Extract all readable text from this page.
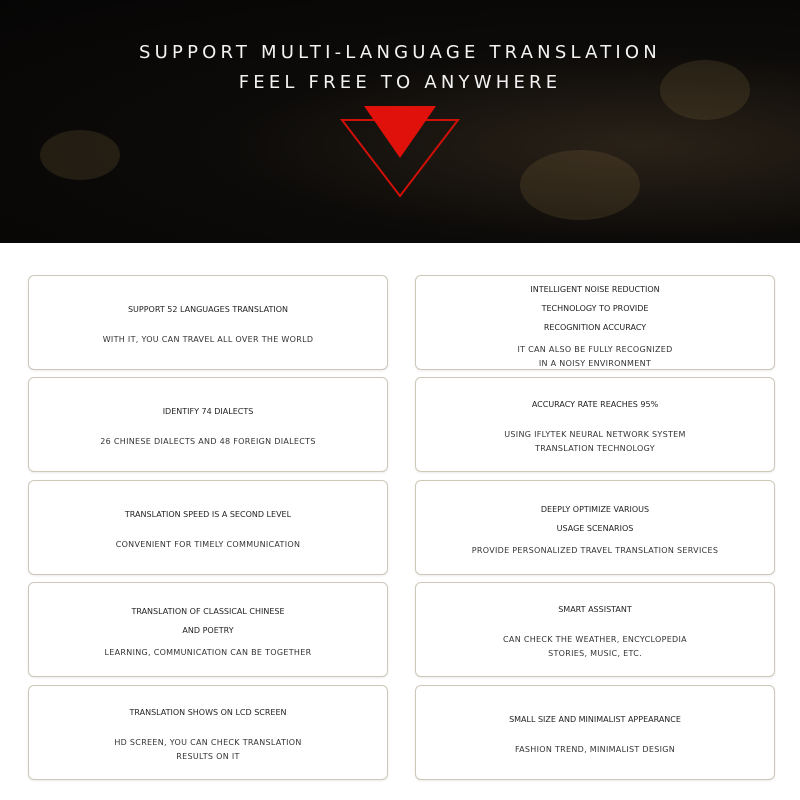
SUPPORT MULTI-LANGUAGE TRANSLATION
FEEL FREE TO ANYWHERE
SUPPORT 52 LANGUAGES TRANSLATION
WITH IT, YOU CAN TRAVEL ALL OVER THE WORLD
IDENTIFY 74 DIALECTS
26 CHINESE DIALECTS AND 48 FOREIGN DIALECTS
TRANSLATION SPEED IS A SECOND LEVEL
CONVENIENT FOR TIMELY COMMUNICATION
TRANSLATION OF CLASSICAL CHINESE
AND POETRY
LEARNING, COMMUNICATION CAN BE TOGETHER
TRANSLATION SHOWS ON LCD SCREEN
HD SCREEN, YOU CAN CHECK TRANSLATION
RESULTS ON IT
INTELLIGENT NOISE REDUCTION
TECHNOLOGY TO PROVIDE
RECOGNITION ACCURACY
IT CAN ALSO BE FULLY RECOGNIZED
IN A NOISY ENVIRONMENT
ACCURACY RATE REACHES 95%
USING IFLYTEK NEURAL NETWORK SYSTEM
TRANSLATION TECHNOLOGY
DEEPLY OPTIMIZE VARIOUS
USAGE SCENARIOS
PROVIDE PERSONALIZED TRAVEL TRANSLATION SERVICES
SMART ASSISTANT
CAN CHECK THE WEATHER, ENCYCLOPEDIA
STORIES, MUSIC, ETC.
SMALL SIZE AND MINIMALIST APPEARANCE
FASHION TREND, MINIMALIST DESIGN
